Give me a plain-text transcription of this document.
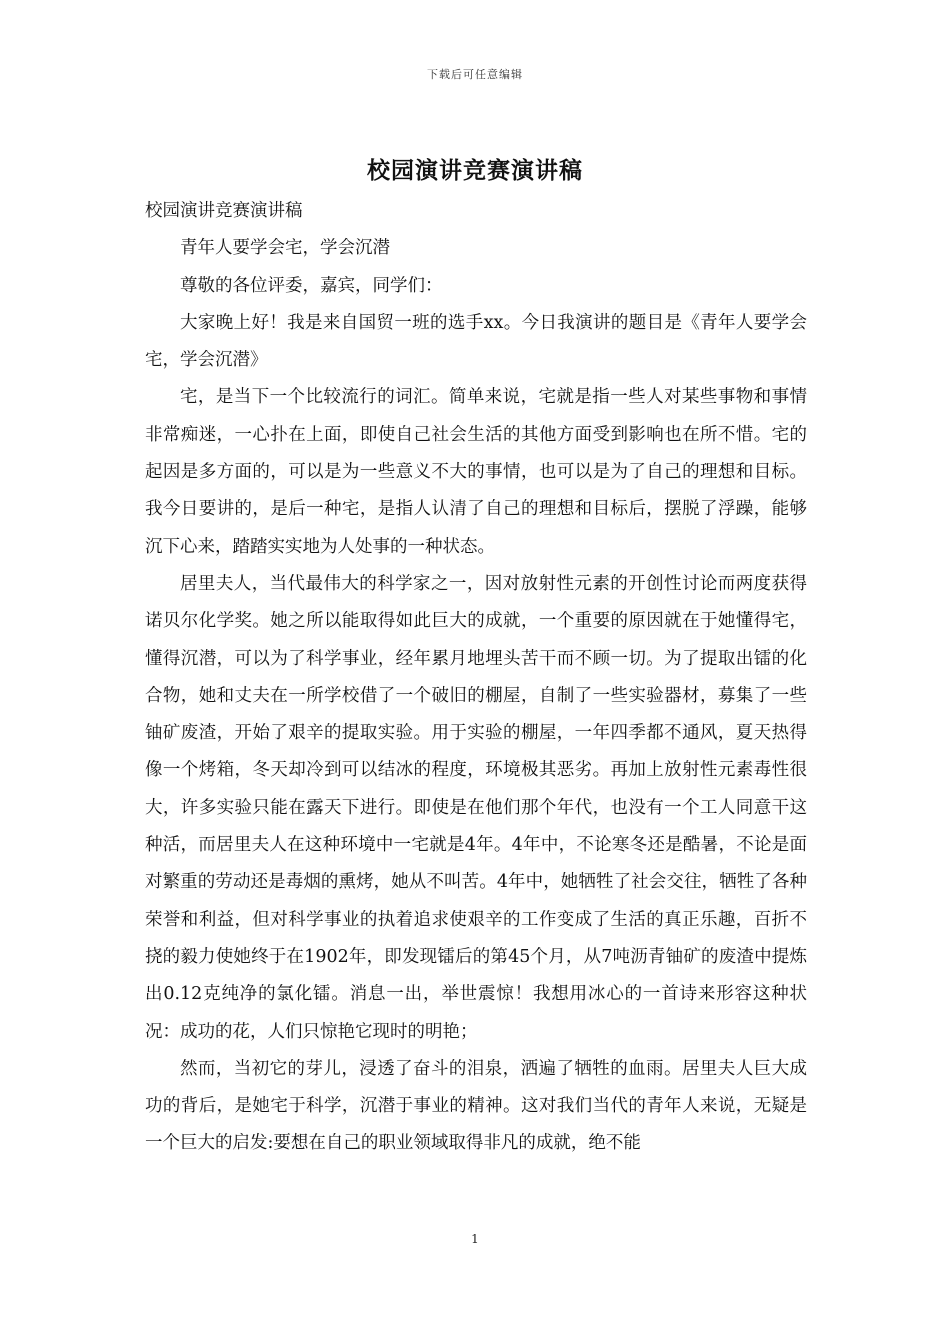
下载后可任意编辑
校园演讲竞赛演讲稿

校园演讲竞赛演讲稿

青年人要学会宅，学会沉潜

尊敬的各位评委，嘉宾，同学们：

大家晚上好！我是来自国贸一班的选手xx。今日我演讲的题目是《青年人要学会宅，学会沉潜》

宅，是当下一个比较流行的词汇。简单来说，宅就是指一些人对某些事物和事情非常痴迷，一心扑在上面，即使自己社会生活的其他方面受到影响也在所不惜。宅的起因是多方面的，可以是为一些意义不大的事情，也可以是为了自己的理想和目标。我今日要讲的，是后一种宅，是指人认清了自己的理想和目标后，摆脱了浮躁，能够沉下心来，踏踏实实地为人处事的一种状态。

居里夫人，当代最伟大的科学家之一，因对放射性元素的开创性讨论而两度获得诺贝尔化学奖。她之所以能取得如此巨大的成就，一个重要的原因就在于她懂得宅，懂得沉潜，可以为了科学事业，经年累月地埋头苦干而不顾一切。为了提取出镭的化合物，她和丈夫在一所学校借了一个破旧的棚屋，自制了一些实验器材，募集了一些铀矿废渣，开始了艰辛的提取实验。用于实验的棚屋，一年四季都不通风，夏天热得像一个烤箱，冬天却冷到可以结冰的程度，环境极其恶劣。再加上放射性元素毒性很大，许多实验只能在露天下进行。即使是在他们那个年代，也没有一个工人同意干这种活，而居里夫人在这种环境中一宅就是4年。4年中，不论寒冬还是酷暑，不论是面对繁重的劳动还是毒烟的熏烤，她从不叫苦。4年中，她牺牲了社会交往，牺牲了各种荣誉和利益，但对科学事业的执着追求使艰辛的工作变成了生活的真正乐趣，百折不挠的毅力使她终于在1902年，即发现镭后的第45个月，从7吨沥青铀矿的废渣中提炼出0.12克纯净的氯化镭。消息一出，举世震惊！我想用冰心的一首诗来形容这种状况：成功的花，人们只惊艳它现时的明艳；

然而，当初它的芽儿，浸透了奋斗的泪泉，洒遍了牺牲的血雨。居里夫人巨大成功的背后，是她宅于科学，沉潜于事业的精神。这对我们当代的青年人来说，无疑是一个巨大的启发:要想在自己的职业领域取得非凡的成就，绝不能

1
